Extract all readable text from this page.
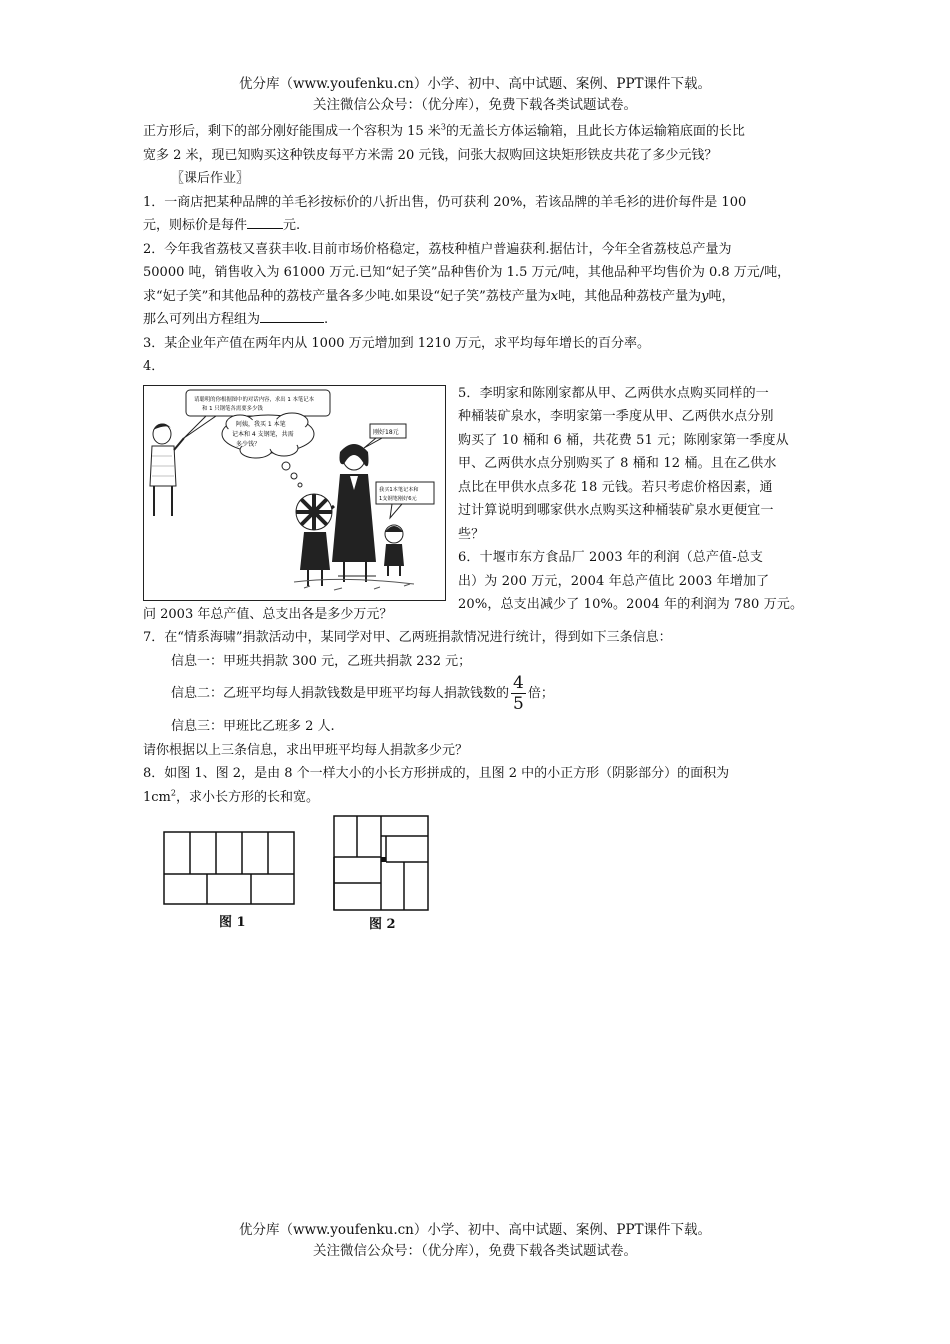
优分库（www.youfenku.cn）小学、初中、高中试题、案例、PPT课件下载。
关注微信公众号：（优分库），免费下载各类试题试卷。

正方形后，剩下的部分刚好能围成一个容积为 15 米$^3$的无盖长方体运输箱，且此长方体运输箱底面的长比

宽多 2 米，现已知购买这种铁皮每平方米需 20 元钱，问张大叔购回这块矩形铁皮共花了多少元钱？

〖课后作业〗

1．一商店把某种品牌的羊毛衫按标价的八折出售，仍可获利 20%，若该品牌的羊毛衫的进价每件是 100

元，则标价是每件	元.

2．今年我省荔枝又喜获丰收.目前市场价格稳定，荔枝种植户普遍获利.据估计，今年全省荔枝总产量为

50000 吨，销售收入为 61000 万元.已知“妃子笑”品种售价为 1.5 万元/吨，其他品种平均售价为 0.8 万元/吨，

求“妃子笑”和其他品种的荔枝产量各多少吨.如果设“妃子笑”荔枝产量为x吨，其他品种荔枝产量为y吨，

那么可列出方程组为	.

3．某企业年产值在两年内从 1000 万元增加到 1210 万元，求平均每年增长的百分率。

4．

请聪明的你根据图中的对话内容，求出 1 本笔记本
和 1 只钢笔各需要多少钱
阿姨，我买 1 本笔
记本和 4 支钢笔，共需
多少钱？
刚好18元
我买1本笔记本和
1支钢笔刚好6元

5．李明家和陈刚家都从甲、乙两供水点购买同样的一

种桶装矿泉水，李明家第一季度从甲、乙两供水点分别

购买了 10 桶和 6 桶，共花费 51 元；陈刚家第一季度从

甲、乙两供水点分别购买了 8 桶和 12 桶。且在乙供水

点比在甲供水点多花 18 元钱。若只考虑价格因素，通

过计算说明到哪家供水点购买这种桶装矿泉水更便宜一

些？

6．十堰市东方食品厂 2003 年的利润（总产值-总支

出）为 200 万元，2004 年总产值比 2003 年增加了

20%，总支出减少了 10%。2004 年的利润为 780 万元。

问 2003 年总产值、总支出各是多少万元？

7．在“情系海啸”捐款活动中，某同学对甲、乙两班捐款情况进行统计，得到如下三条信息：

信息一：甲班共捐款 300 元，乙班共捐款 232 元；

信息二：乙班平均每人捐款钱数是甲班平均每人捐款钱数的 $\frac{4}{5}$ 倍；

信息三：甲班比乙班多 2 人.

请你根据以上三条信息，求出甲班平均每人捐款多少元？

8．如图 1、图 2，是由 8 个一样大小的小长方形拼成的，且图 2 中的小正方形（阴影部分）的面积为

$1cm^2$，求小长方形的长和宽。

图 1	图 2
优分库（www.youfenku.cn）小学、初中、高中试题、案例、PPT课件下载。
关注微信公众号：（优分库），免费下载各类试题试卷。
